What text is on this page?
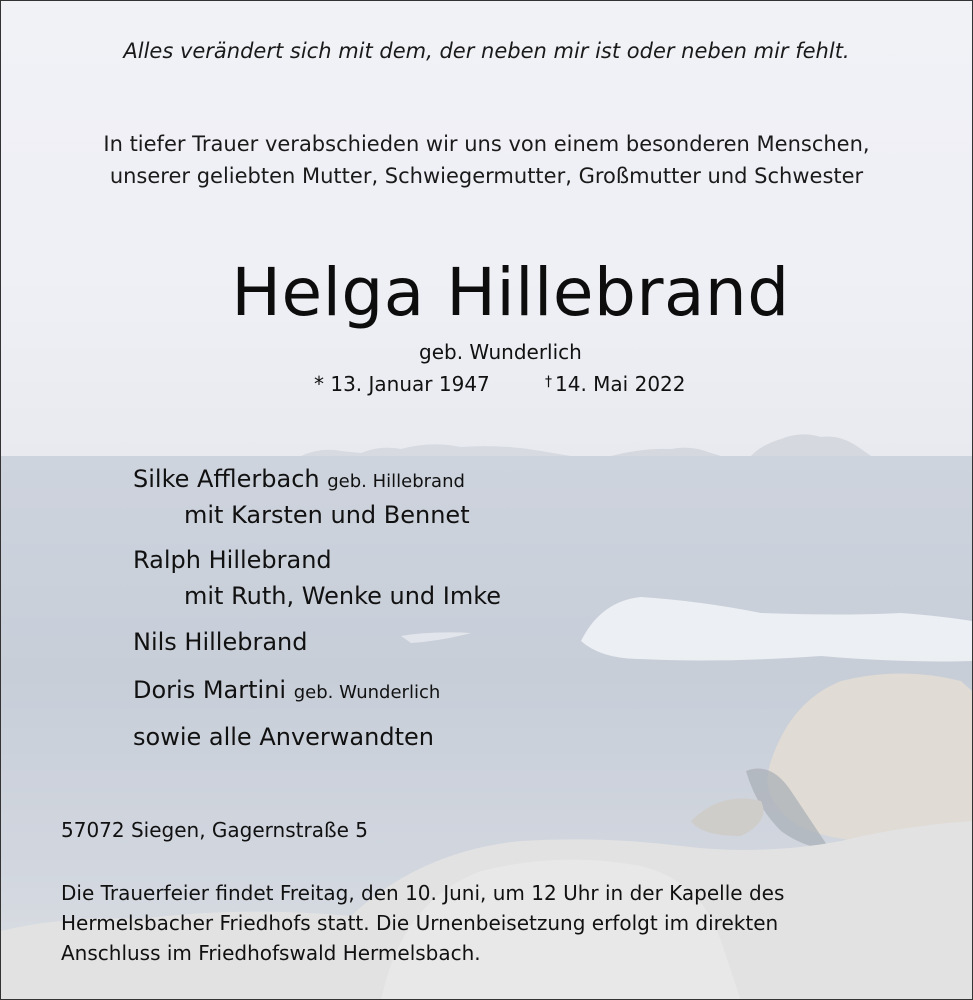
Alles verändert sich mit dem, der neben mir ist oder neben mir fehlt.
In tiefer Trauer verabschieden wir uns von einem besonderen Menschen,
unserer geliebten Mutter, Schwiegermutter, Großmutter und Schwester
Helga Hillebrand
geb. Wunderlich
* 13. Januar 1947	† 14. Mai 2022
Silke Afflerbach geb. Hillebrand
mit Karsten und Bennet
Ralph Hillebrand
mit Ruth, Wenke und Imke
Nils Hillebrand
Doris Martini geb. Wunderlich
sowie alle Anverwandten
57072 Siegen, Gagernstraße 5
Die Trauerfeier findet Freitag, den 10. Juni, um 12 Uhr in der Kapelle des
Hermelsbacher Friedhofs statt. Die Urnenbeisetzung erfolgt im direkten
Anschluss im Friedhofswald Hermelsbach.
